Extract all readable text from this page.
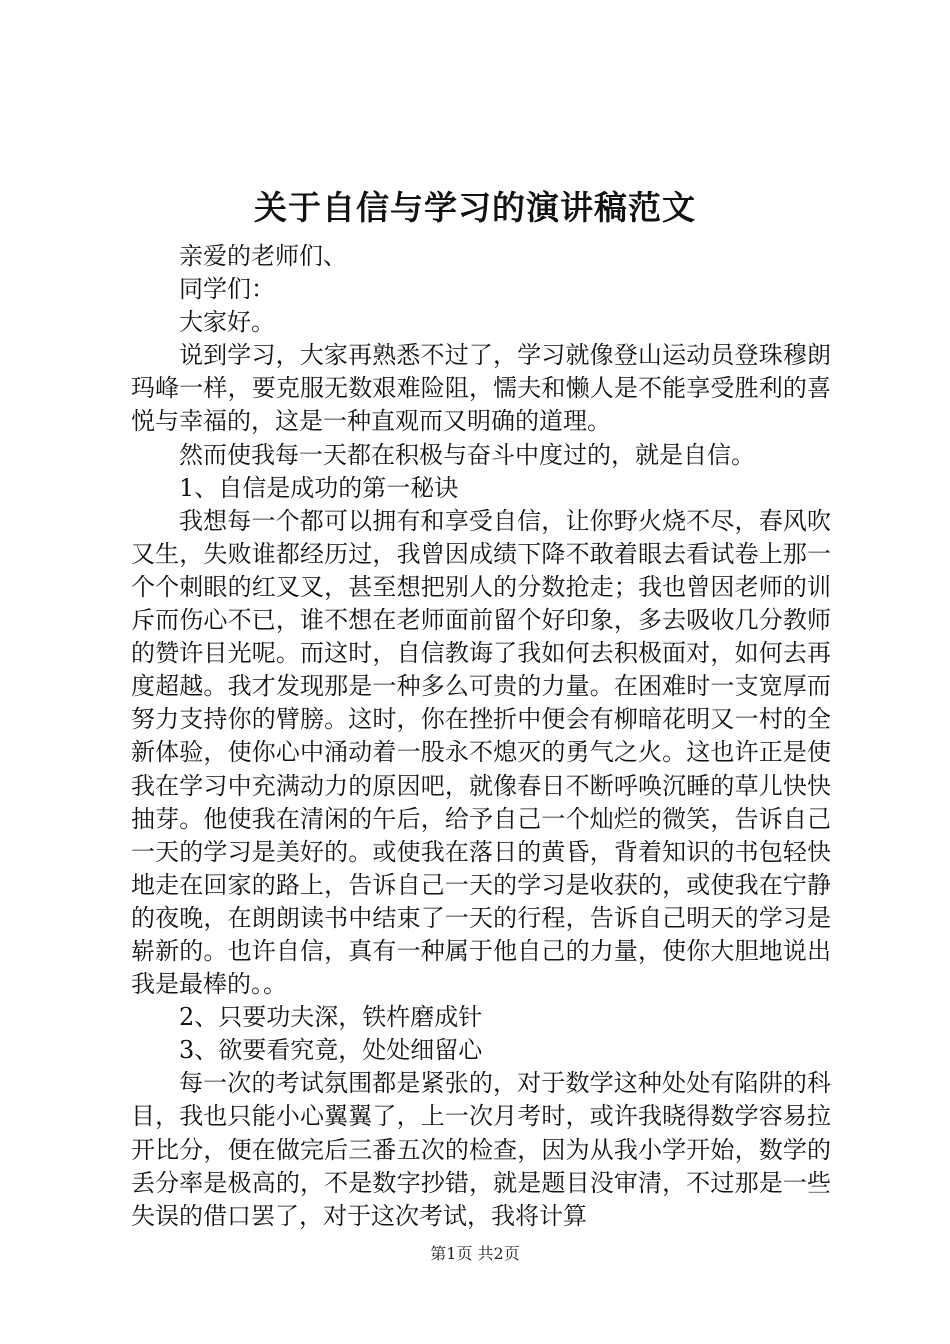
关于自信与学习的演讲稿范文

亲爱的老师们、

同学们：

大家好。

说到学习，大家再熟悉不过了，学习就像登山运动员登珠穆朗玛峰一样，要克服无数艰难险阻，懦夫和懒人是不能享受胜利的喜悦与幸福的，这是一种直观而又明确的道理。

然而使我每一天都在积极与奋斗中度过的，就是自信。

1、自信是成功的第一秘诀

我想每一个都可以拥有和享受自信，让你野火烧不尽，春风吹又生，失败谁都经历过，我曾因成绩下降不敢着眼去看试卷上那一个个刺眼的红叉叉，甚至想把别人的分数抢走；我也曾因老师的训斥而伤心不已，谁不想在老师面前留个好印象，多去吸收几分教师的赞许目光呢。而这时，自信教诲了我如何去积极面对，如何去再度超越。我才发现那是一种多么可贵的力量。在困难时一支宽厚而努力支持你的臂膀。这时，你在挫折中便会有柳暗花明又一村的全新体验，使你心中涌动着一股永不熄灭的勇气之火。这也许正是使我在学习中充满动力的原因吧，就像春日不断呼唤沉睡的草儿快快抽芽。他使我在清闲的午后，给予自己一个灿烂的微笑，告诉自己一天的学习是美好的。或使我在落日的黄昏，背着知识的书包轻快地走在回家的路上，告诉自己一天的学习是收获的，或使我在宁静的夜晚，在朗朗读书中结束了一天的行程，告诉自己明天的学习是崭新的。也许自信，真有一种属于他自己的力量，使你大胆地说出我是最棒的。。

2、只要功夫深，铁杵磨成针

3、欲要看究竟，处处细留心

每一次的考试氛围都是紧张的，对于数学这种处处有陷阱的科目，我也只能小心翼翼了，上一次月考时，或许我晓得数学容易拉开比分，便在做完后三番五次的检查，因为从我小学开始，数学的丢分率是极高的，不是数字抄错，就是题目没审清，不过那是一些失误的借口罢了，对于这次考试，我将计算

第1页 共2页
